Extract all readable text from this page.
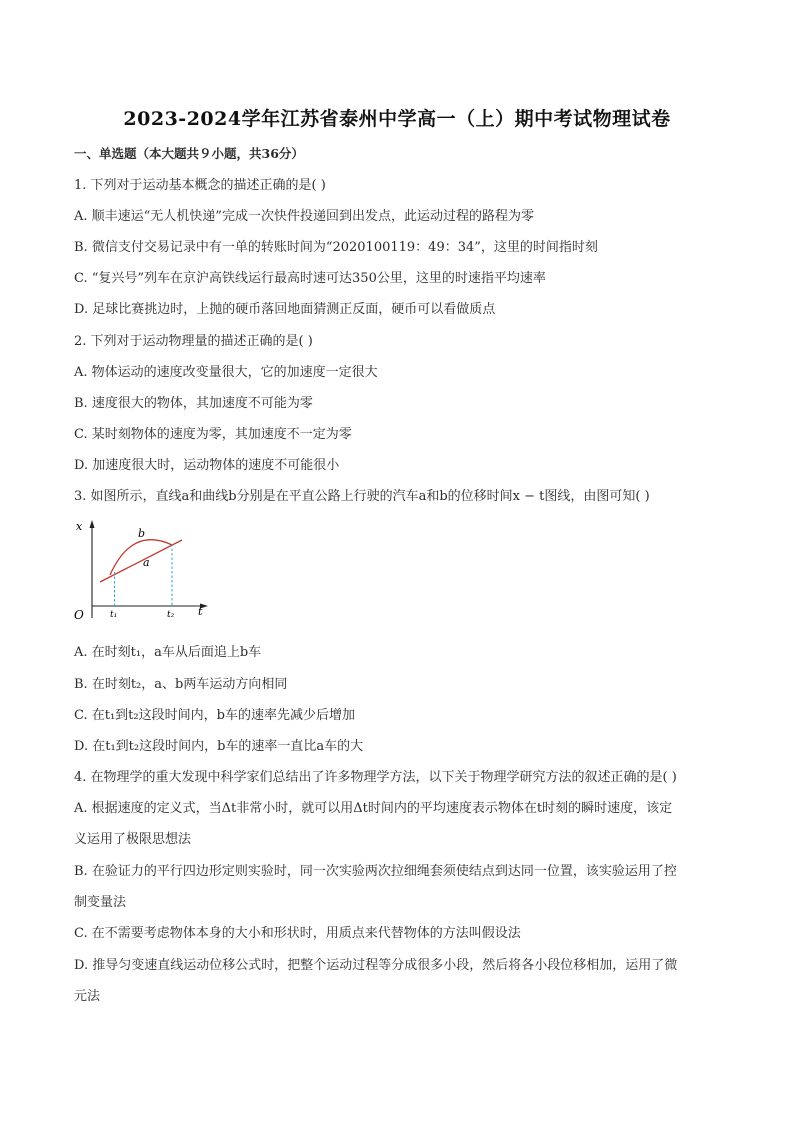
2023-2024学年江苏省泰州中学高一（上）期中考试物理试卷
一、单选题（本大题共９小题，共36分）
1. 下列对于运动基本概念的描述正确的是( )
A. 顺丰速运“无人机快递”完成一次快件投递回到出发点，此运动过程的路程为零
B. 微信支付交易记录中有一单的转账时间为“2020100119：49：34”，这里的时间指时刻
C. “复兴号”列车在京沪高铁线运行最高时速可达350公里，这里的时速指平均速率
D. 足球比赛挑边时，上抛的硬币落回地面猜测正反面，硬币可以看做质点
2. 下列对于运动物理量的描述正确的是( )
A. 物体运动的速度改变量很大，它的加速度一定很大
B. 速度很大的物体，其加速度不可能为零
C. 某时刻物体的速度为零，其加速度不一定为零
D. 加速度很大时，运动物体的速度不可能很小
3. 如图所示，直线a和曲线b分别是在平直公路上行驶的汽车a和b的位移时间x − t图线，由图可知( )
x
t
O	t₁	t₂
b
a
A. 在时刻t₁，a车从后面追上b车
B. 在时刻t₂，a、b两车运动方向相同
C. 在t₁到t₂这段时间内，b车的速率先减少后增加
D. 在t₁到t₂这段时间内，b车的速率一直比a车的大
4. 在物理学的重大发现中科学家们总结出了许多物理学方法，以下关于物理学研究方法的叙述正确的是( )
A. 根据速度的定义式，当Δt非常小时，就可以用Δt时间内的平均速度表示物体在t时刻的瞬时速度，该定
义运用了极限思想法
B. 在验证力的平行四边形定则实验时，同一次实验两次拉细绳套须使结点到达同一位置，该实验运用了控
制变量法
C. 在不需要考虑物体本身的大小和形状时，用质点来代替物体的方法叫假设法
D. 推导匀变速直线运动位移公式时，把整个运动过程等分成很多小段，然后将各小段位移相加，运用了微
元法
